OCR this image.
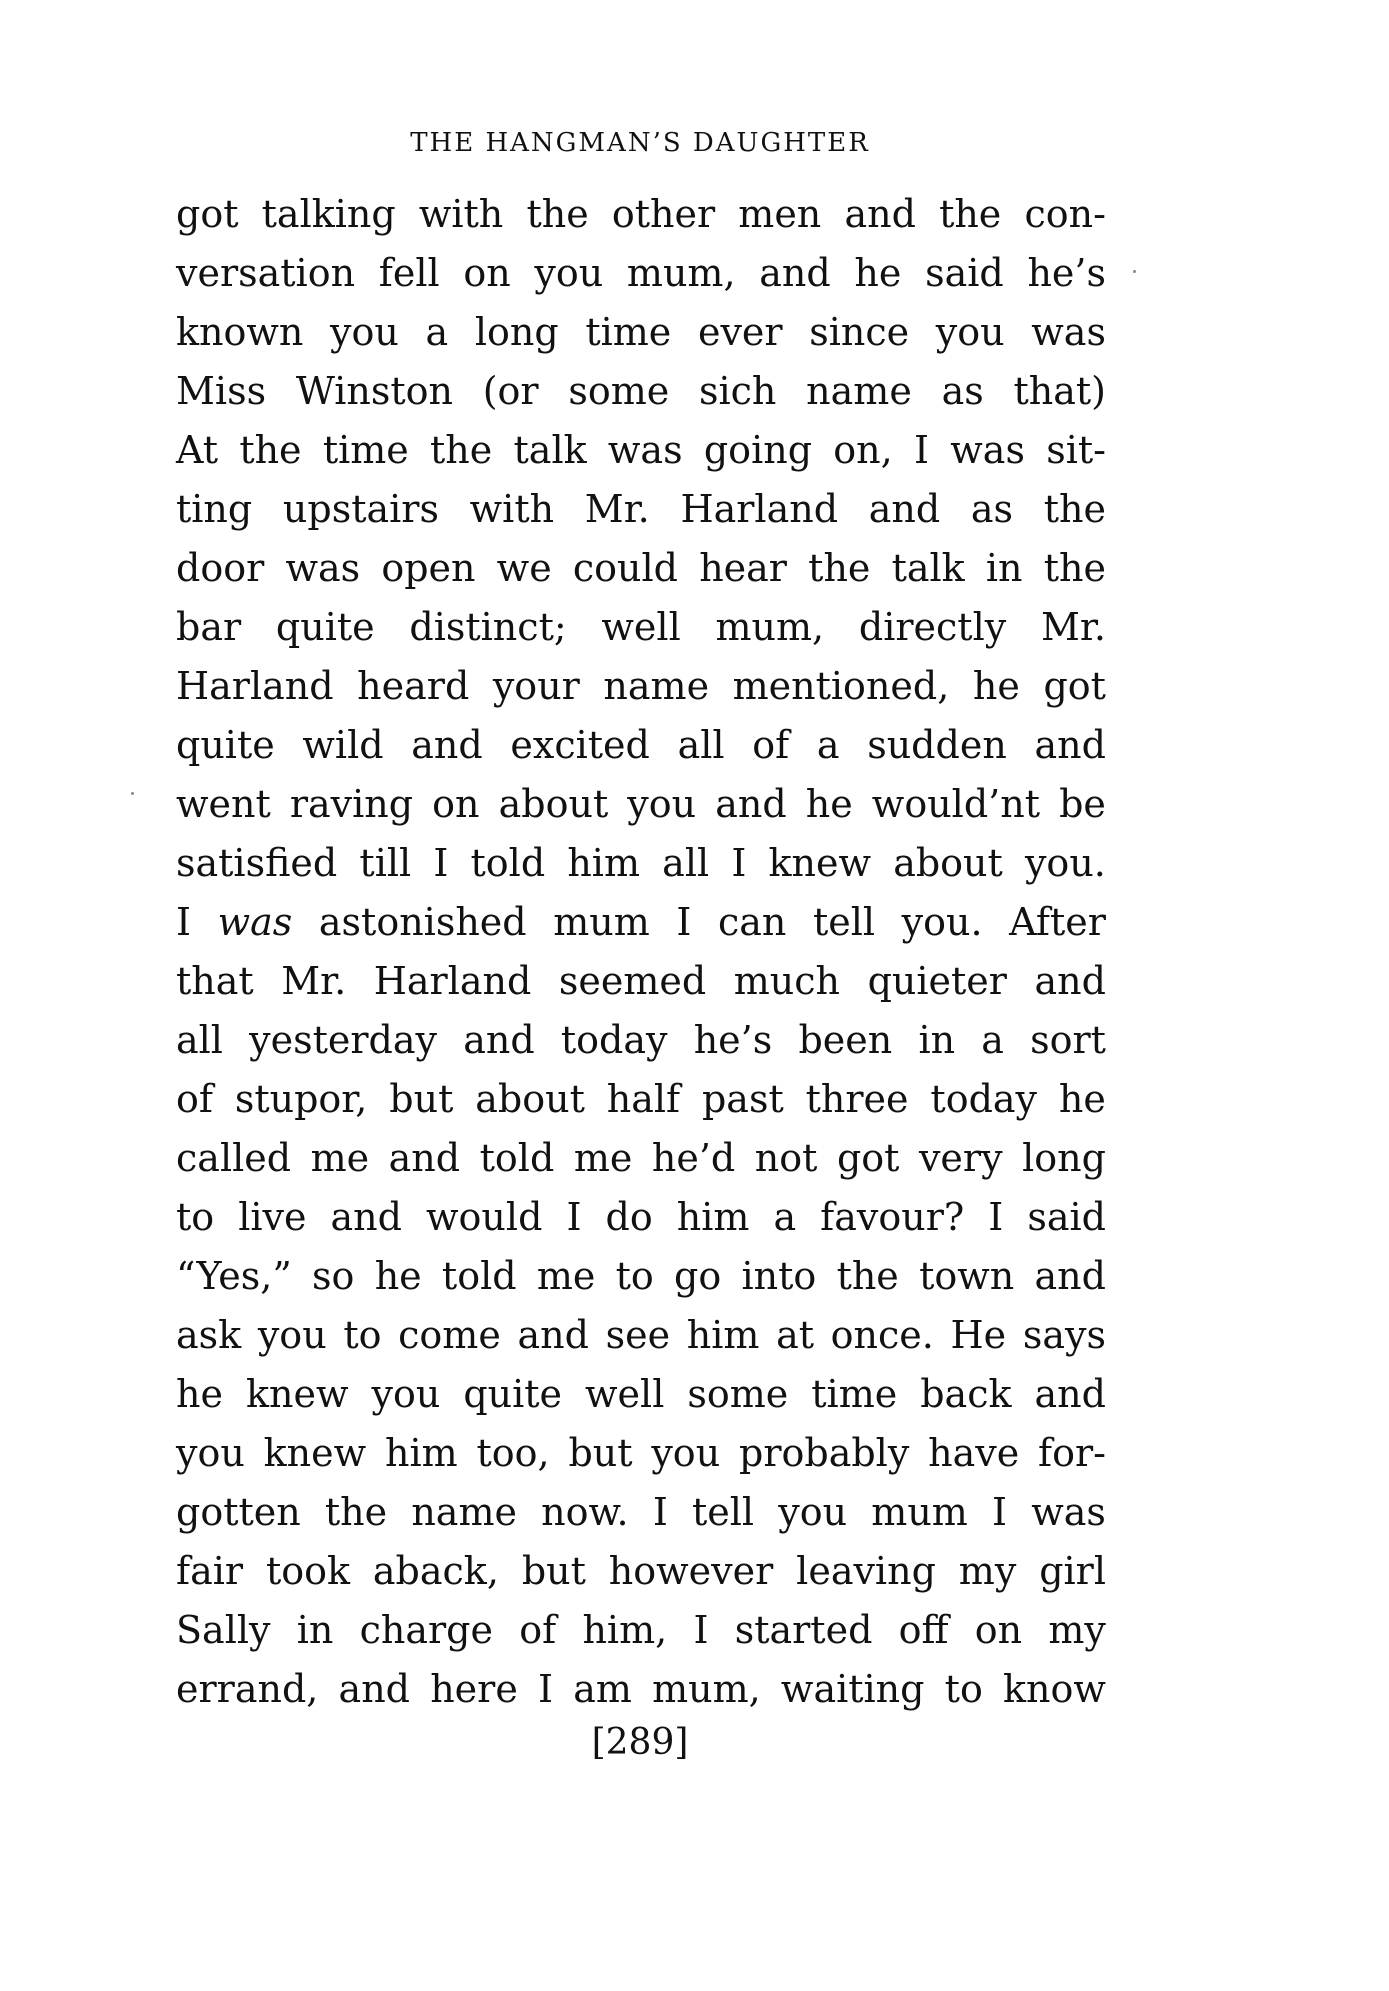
THE HANGMAN’S DAUGHTER
got talking with the other men and the con-
versation fell on you mum, and he said he’s
known you a long time ever since you was
Miss Winston (or some sich name as that)
At the time the talk was going on, I was sit-
ting upstairs with Mr. Harland and as the
door was open we could hear the talk in the
bar quite distinct; well mum, directly Mr.
Harland heard your name mentioned, he got
quite wild and excited all of a sudden and
went raving on about you and he would’nt be
satisfied till I told him all I knew about you.
I was astonished mum I can tell you. After
that Mr. Harland seemed much quieter and
all yesterday and today he’s been in a sort
of stupor, but about half past three today he
called me and told me he’d not got very long
to live and would I do him a favour? I said
“Yes,” so he told me to go into the town and
ask you to come and see him at once. He says
he knew you quite well some time back and
you knew him too, but you probably have for-
gotten the name now. I tell you mum I was
fair took aback, but however leaving my girl
Sally in charge of him, I started off on my
errand, and here I am mum, waiting to know
[289]
